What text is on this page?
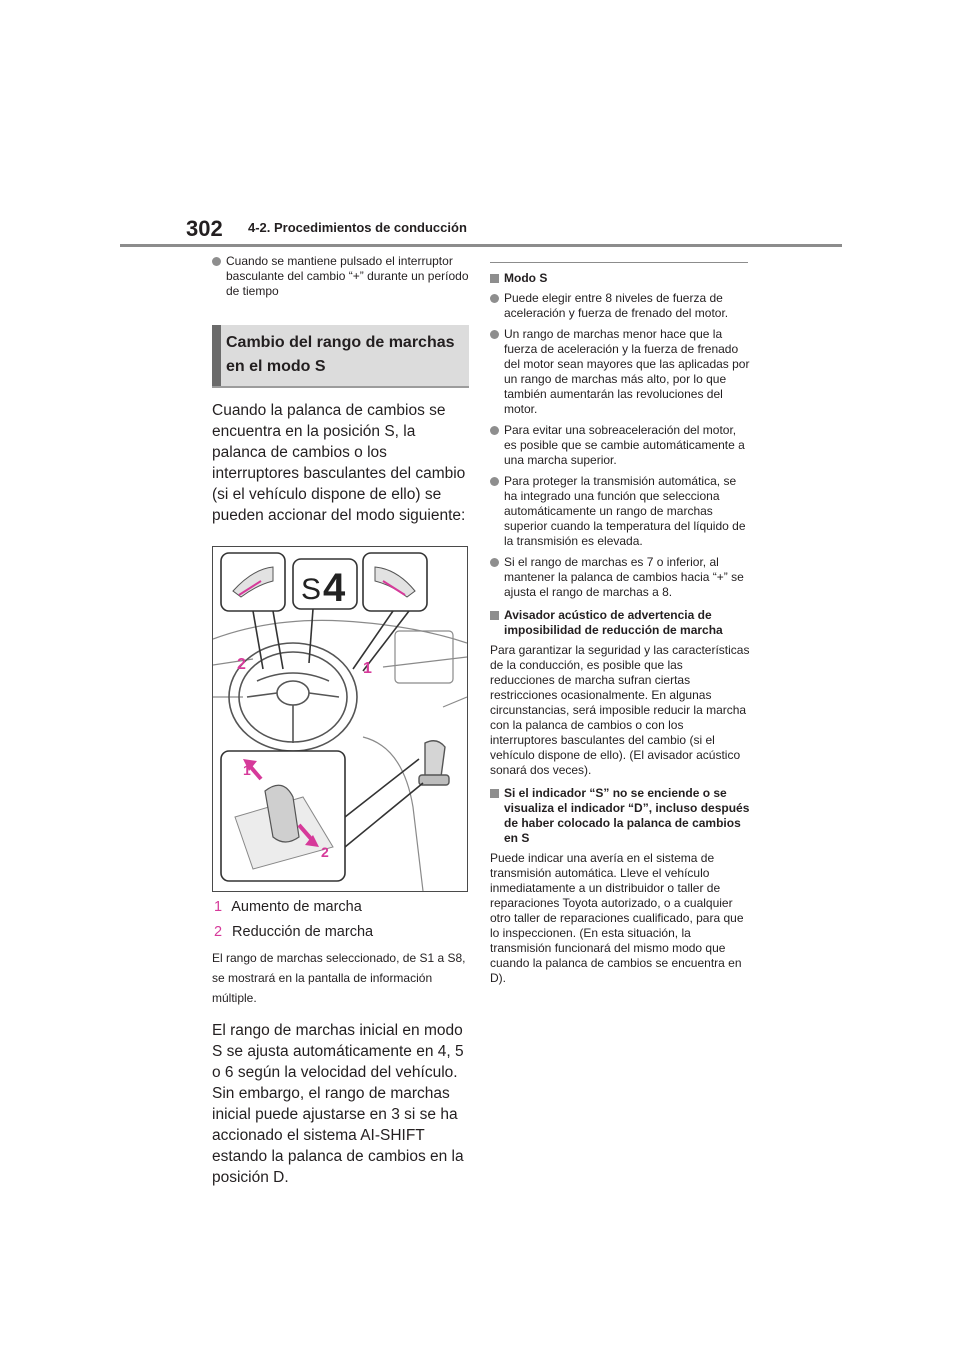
302 4-2. Procedimientos de conducción
Cuando se mantiene pulsado el interruptor basculante del cambio “+” durante un período de tiempo
Cambio del rango de marchas en el modo S

Cuando la palanca de cambios se encuentra en la posición S, la palanca de cambios o los interruptores basculantes del cambio (si el vehículo dispone de ello) se pueden accionar del modo siguiente:

S 4
2	1
1
2
1 Aumento de marcha
2 Reducción de marcha
El rango de marchas seleccionado, de S1 a S8, se mostrará en la pantalla de información múltiple.

El rango de marchas inicial en modo S se ajusta automáticamente en 4, 5 o 6 según la velocidad del vehículo. Sin embargo, el rango de marchas inicial puede ajustarse en 3 si se ha accionado el sistema AI-SHIFT estando la palanca de cambios en la posición D.

Modo S
Puede elegir entre 8 niveles de fuerza de aceleración y fuerza de frenado del motor.
Un rango de marchas menor hace que la fuerza de aceleración y la fuerza de frenado del motor sean mayores que las aplicadas por un rango de marchas más alto, por lo que también aumentarán las revoluciones del motor.
Para evitar una sobreaceleración del motor, es posible que se cambie automáticamente a una marcha superior.
Para proteger la transmisión automática, se ha integrado una función que selecciona automáticamente un rango de marchas superior cuando la temperatura del líquido de la transmisión es elevada.
Si el rango de marchas es 7 o inferior, al mantener la palanca de cambios hacia “+” se ajusta el rango de marchas a 8.
Avisador acústico de advertencia de imposibilidad de reducción de marcha
Para garantizar la seguridad y las características de la conducción, es posible que las reducciones de marcha sufran ciertas restricciones ocasionalmente. En algunas circunstancias, será imposible reducir la marcha con la palanca de cambios o con los interruptores basculantes del cambio (si el vehículo dispone de ello). (El avisador acústico sonará dos veces).
Si el indicador “S” no se enciende o se visualiza el indicador “D”, incluso después de haber colocado la palanca de cambios en S
Puede indicar una avería en el sistema de transmisión automática. Lleve el vehículo inmediatamente a un distribuidor o taller de reparaciones Toyota autorizado, o a cualquier otro taller de reparaciones cualificado, para que lo inspeccionen. (En esta situación, la transmisión funcionará del mismo modo que cuando la palanca de cambios se encuentra en D).
